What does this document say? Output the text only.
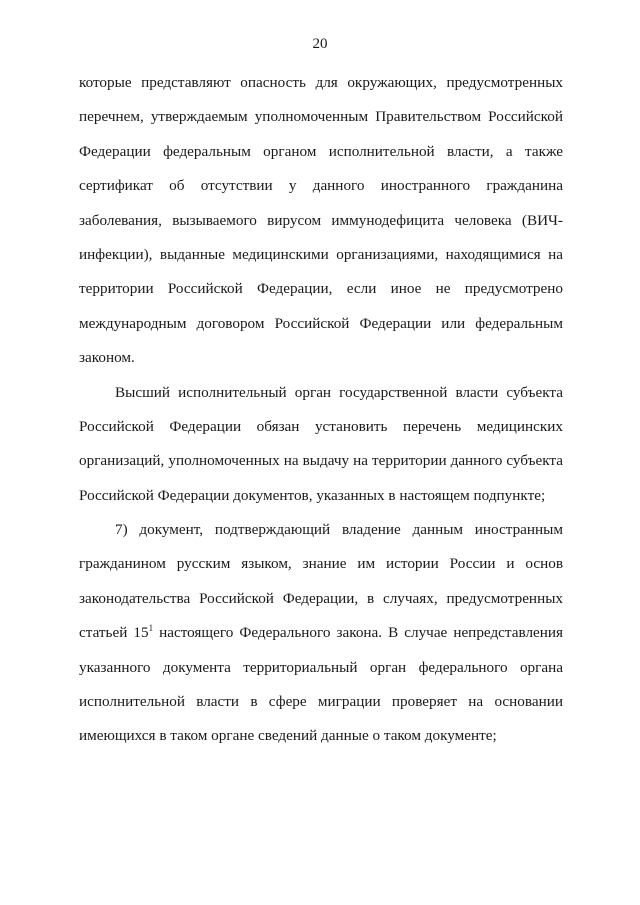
20
которые представляют опасность для окружающих, предусмотренных
перечнем, утверждаемым уполномоченным Правительством Российской
Федерации федеральным органом исполнительной власти, а также
сертификат об отсутствии у данного иностранного гражданина
заболевания, вызываемого вирусом иммунодефицита человека (ВИЧ-
инфекции), выданные медицинскими организациями, находящимися на
территории Российской Федерации, если иное не предусмотрено
международным договором Российской Федерации или федеральным
законом.
Высший исполнительный орган государственной власти субъекта
Российской Федерации обязан установить перечень медицинских
организаций, уполномоченных на выдачу на территории данного субъекта
Российской Федерации документов, указанных в настоящем подпункте;
7) документ, подтверждающий владение данным иностранным
гражданином русским языком, знание им истории России и основ
законодательства Российской Федерации, в случаях, предусмотренных
статьей $15^1$ настоящего Федерального закона. В случае непредставления
указанного документа территориальный орган федерального органа
исполнительной власти в сфере миграции проверяет на основании
имеющихся в таком органе сведений данные о таком документе;
